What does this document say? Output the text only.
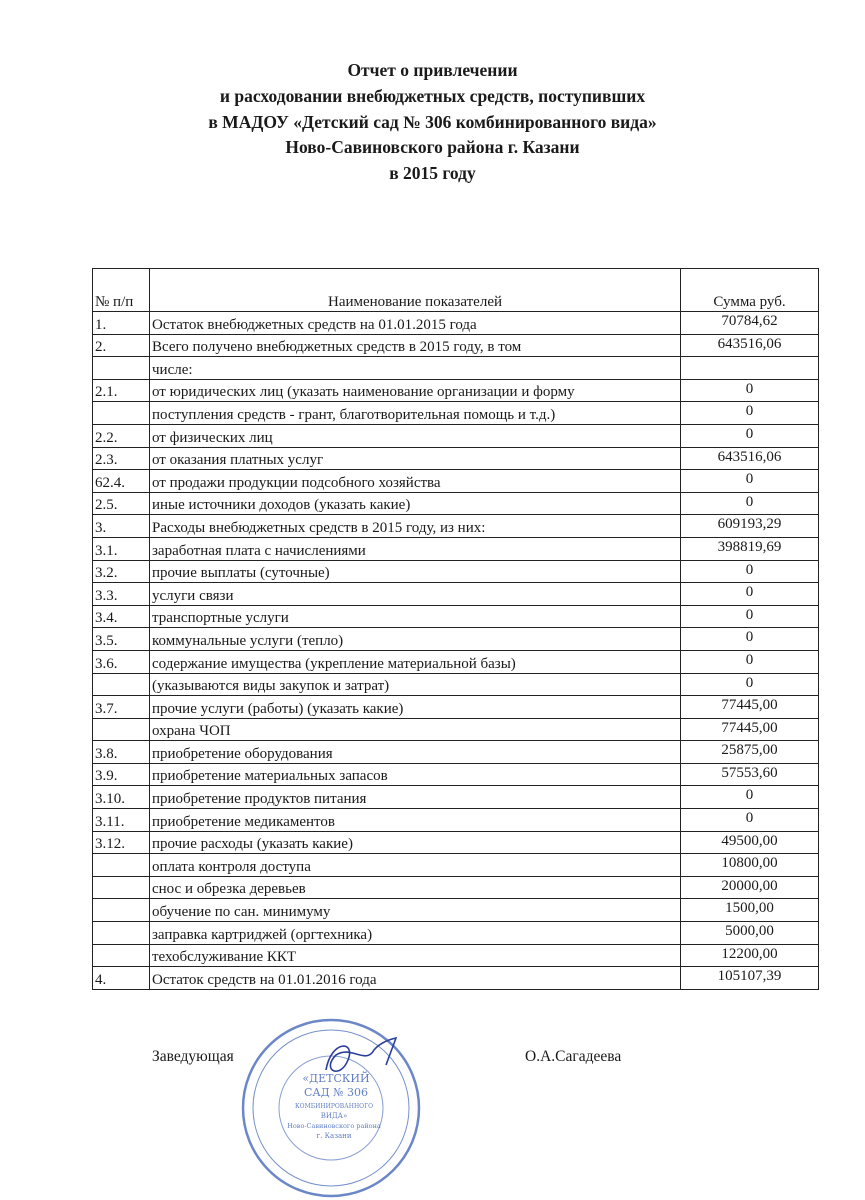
Отчет о привлечении
и расходовании внебюджетных средств, поступивших
в МАДОУ «Детский сад № 306 комбинированного вида»
Ново-Савиновского района г. Казани
в 2015 году
№ п/п	Наименование показателей	Сумма руб.
1.	Остаток внебюджетных средств на 01.01.2015 года	70784,62
2.	Всего получено внебюджетных средств в 2015 году, в том	643516,06
	числе:	
2.1.	от юридических лиц (указать наименование организации и форму	0
	поступления средств - грант, благотворительная помощь и т.д.)	0
2.2.	от физических лиц	0
2.3.	от оказания платных услуг	643516,06
62.4.	от продажи продукции подсобного хозяйства	0
2.5.	иные источники доходов (указать какие)	0
3.	Расходы внебюджетных средств в 2015 году, из них:	609193,29
3.1.	заработная плата с начислениями	398819,69
3.2.	прочие выплаты (суточные)	0
3.3.	услуги связи	0
3.4.	транспортные услуги	0
3.5.	коммунальные услуги (тепло)	0
3.6.	содержание имущества (укрепление материальной базы)	0
	(указываются виды закупок и затрат)	0
3.7.	прочие услуги (работы) (указать какие)	77445,00
	охрана ЧОП	77445,00
3.8.	приобретение оборудования	25875,00
3.9.	приобретение материальных запасов	57553,60
3.10.	приобретение продуктов питания	0
3.11.	приобретение медикаментов	0
3.12.	прочие расходы (указать какие)	49500,00
	оплата контроля доступа	10800,00
	снос и обрезка деревьев	20000,00
	обучение по сан. минимуму	1500,00
	заправка картриджей (оргтехника)	5000,00
	техобслуживание ККТ	12200,00
4.	Остаток средств на 01.01.2016 года	105107,39
Заведующая	О.А.Сагадеева
«ДЕТСКИЙ
САД № 306
КОМБИНИРОВАННОГО
ВИДА»
Ново-Савиновского района
г. Казани
